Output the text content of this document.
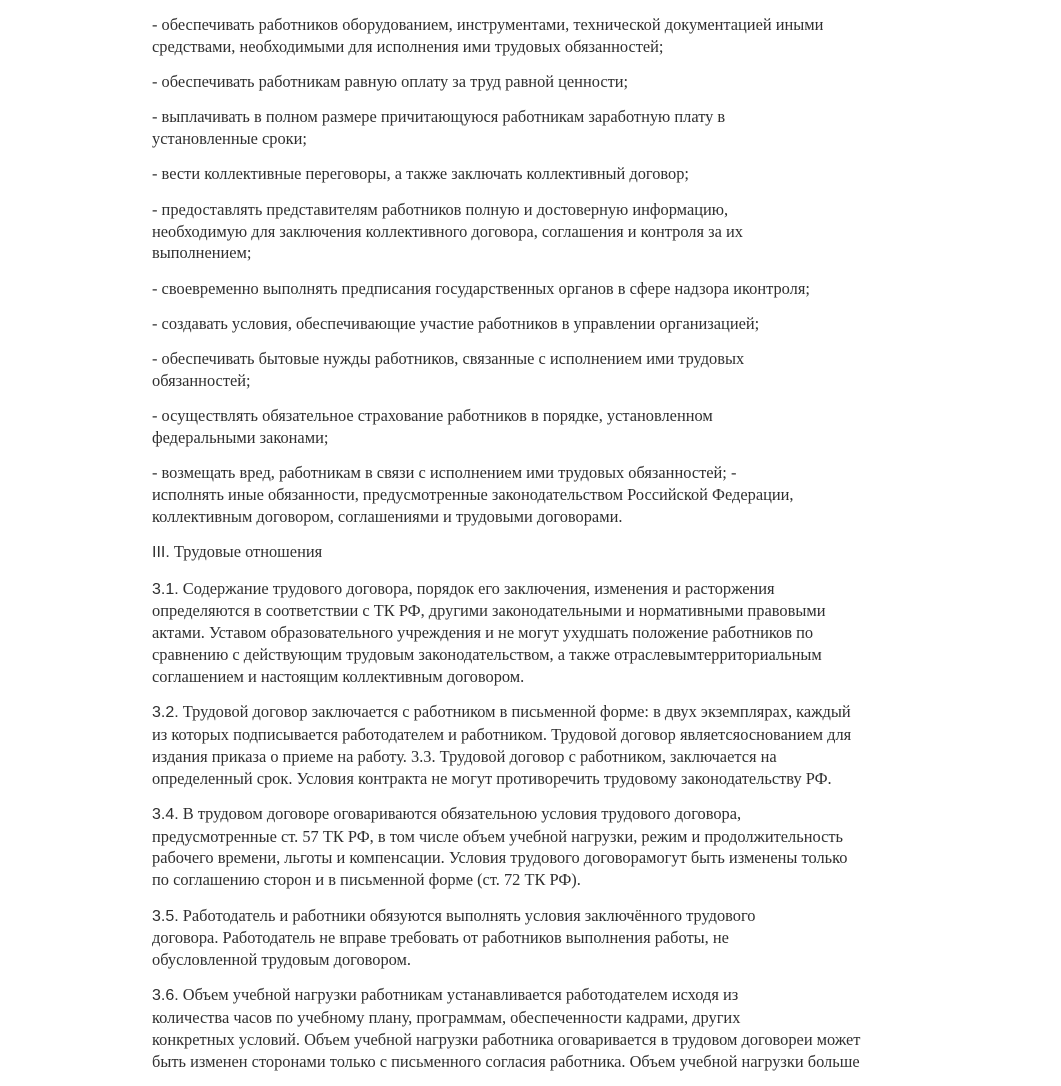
- обеспечивать работников оборудованием, инструментами, технической документацией иными
средствами, необходимыми для исполнения ими трудовых обязанностей;

- обеспечивать работникам равную оплату за труд равной ценности;

- выплачивать в полном размере причитающуюся работникам заработную плату в
установленные сроки;

- вести коллективные переговоры, а также заключать коллективный договор;

- предоставлять представителям работников полную и достоверную информацию,
необходимую для заключения коллективного договора, соглашения и контроля за их
выполнением;

- своевременно выполнять предписания государственных органов в сфере надзора иконтроля;

- создавать условия, обеспечивающие участие работников в управлении организацией;

- обеспечивать бытовые нужды работников, связанные с исполнением ими трудовых
обязанностей;

- осуществлять обязательное страхование работников в порядке, установленном
федеральными законами;

- возмещать вред, работникам в связи с исполнением ими трудовых обязанностей; -
исполнять иные обязанности, предусмотренные законодательством Российской Федерации,
коллективным договором, соглашениями и трудовыми договорами.

III. Трудовые отношения

3.1. Содержание трудового договора, порядок его заключения, изменения и расторжения
определяются в соответствии с ТК РФ, другими законодательными и нормативными правовыми
актами. Уставом образовательного учреждения и не могут ухудшать положение работников по
сравнению с действующим трудовым законодательством, а также отраслевымтерриториальным
соглашением и настоящим коллективным договором.

3.2. Трудовой договор заключается с работником в письменной форме: в двух экземплярах, каждый
из которых подписывается работодателем и работником. Трудовой договор являетсяоснованием для
издания приказа о приеме на работу. 3.3. Трудовой договор с работником, заключается на
определенный срок. Условия контракта не могут противоречить трудовому законодательству РФ.

3.4. В трудовом договоре оговариваются обязательною условия трудового договора,
предусмотренные ст. 57 ТК РФ, в том числе объем учебной нагрузки, режим и продолжительность
рабочего времени, льготы и компенсации. Условия трудового договорамогут быть изменены только
по соглашению сторон и в письменной форме (ст. 72 ТК РФ).

3.5. Работодатель и работники обязуются выполнять условия заключённого трудового
договора. Работодатель не вправе требовать от работников выполнения работы, не
обусловленной трудовым договором.

3.6. Объем учебной нагрузки работникам устанавливается работодателем исходя из
количества часов по учебному плану, программам, обеспеченности кадрами, других
конкретных условий. Объем учебной нагрузки работника оговаривается в трудовом договореи может
быть изменен сторонами только с письменного согласия работника. Объем учебной нагрузки больше
